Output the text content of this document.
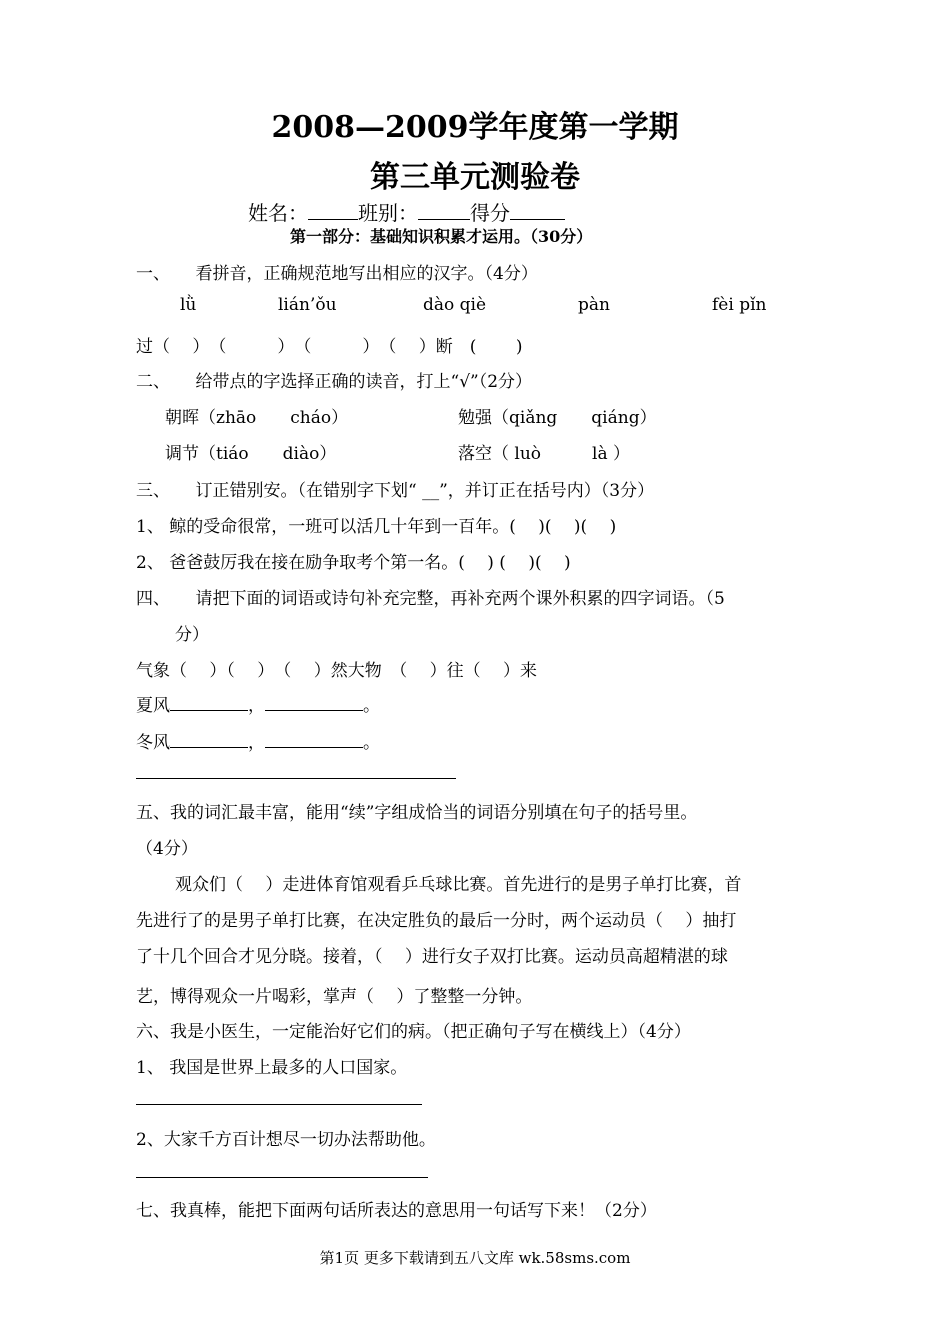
2008—2009学年度第一学期
第三单元测验卷
姓名：	班别：	得分
第一部分：基础知识积累才运用。（30分）
一、　　看拼音，正确规范地写出相应的汉字。（4分）
lǜ	lián’ǒu	dào qiè	pàn	fèi pǐn
过（　 ）　（　　　）　（　　　）　（　 ）断　(　　 )
二、　　给带点的字选择正确的读音，打上“√”（2分）
朝晖（zhāo　　cháo）	勉强（qiǎng　　qiáng）
调节（tiáo　　diào）	落空（ luò　　　là ）
三、　　订正错别安。（在错别字下划“ __”，并订正在括号内）（3分）
1、 鲸的受命很常，一班可以活几十年到一百年。(　 )(　 )(　 )
2、 爸爸鼓厉我在接在励争取考个第一名。(　 ) (　 )(　 )
四、　　请把下面的词语或诗句补充完整，再补充两个课外积累的四字词语。（5
分）
气象（　 ）（　 ）　（　 ）然大物　（　 ）往（　 ）来
夏风	，	。
冬风	，	。
五、我的词汇最丰富，能用“续”字组成恰当的词语分别填在句子的括号里。
（4分）
观众们（　 ）走进体育馆观看乒乓球比赛。首先进行的是男子单打比赛，首
先进行了的是男子单打比赛，在决定胜负的最后一分时，两个运动员（　 ）抽打
了十几个回合才见分晓。接着，（　 ）进行女子双打比赛。运动员高超精湛的球
艺，博得观众一片喝彩，掌声（　 ）了整整一分钟。
六、我是小医生，一定能治好它们的病。（把正确句子写在横线上）（4分）
1、 我国是世界上最多的人口国家。
2、大家千方百计想尽一切办法帮助他。
七、我真棒，能把下面两句话所表达的意思用一句话写下来！（2分）
第1页 更多下载请到五八文库 wk.58sms.com
